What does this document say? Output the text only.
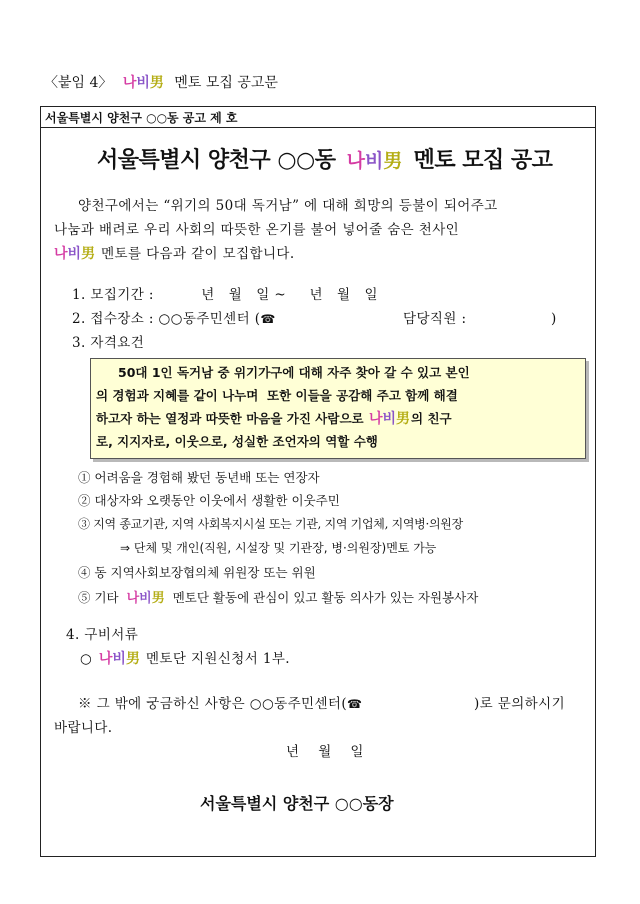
〈붙임 4〉 나비男 멘토 모집 공고문
서울특별시 양천구 ○○동 공고 제 호
서울특별시 양천구 ○○동 나비男 멘토 모집 공고
양천구에서는 “위기의 50대 독거남” 에 대해 희망의 등불이 되어주고
나눔과 배려로 우리 사회의 따뜻한 온기를 불어 넣어줄 숨은 천사인
나비男 멘토를 다음과 같이 모집합니다.
1. 모집기간 :	년   월   일 ~     년   월   일
2. 접수장소 : ○○동주민센터 (☎	담당직원 :	)
3. 자격요건
50대 1인 독거남 중 위기가구에 대해 자주 찾아 갈 수 있고 본인
의 경험과 지혜를 같이 나누며  또한 이들을 공감해 주고 함께 해결
하고자 하는 열정과 따뜻한 마음을 가진 사람으로 나비男의 친구
로, 지지자로, 이웃으로, 성실한 조언자의 역할 수행
① 어려움을 경험해 봤던 동년배 또는 연장자
② 대상자와 오랫동안 이웃에서 생활한 이웃주민
③ 지역 종교기관, 지역 사회복지시설 또는 기관, 지역 기업체, 지역병·의원장
⇒ 단체 및 개인(직원, 시설장 및 기관장, 병·의원장)멘토 가능
④ 동 지역사회보장협의체 위원장 또는 위원
⑤ 기타 나비男 멘토단 활동에 관심이 있고 활동 의사가 있는 자원봉사자
4. 구비서류
○ 나비男 멘토단 지원신청서 1부.
※ 그 밖에 궁금하신 사항은 ○○동주민센터(☎	)로 문의하시기
바랍니다.
년    월    일
서울특별시 양천구 ○○동장
